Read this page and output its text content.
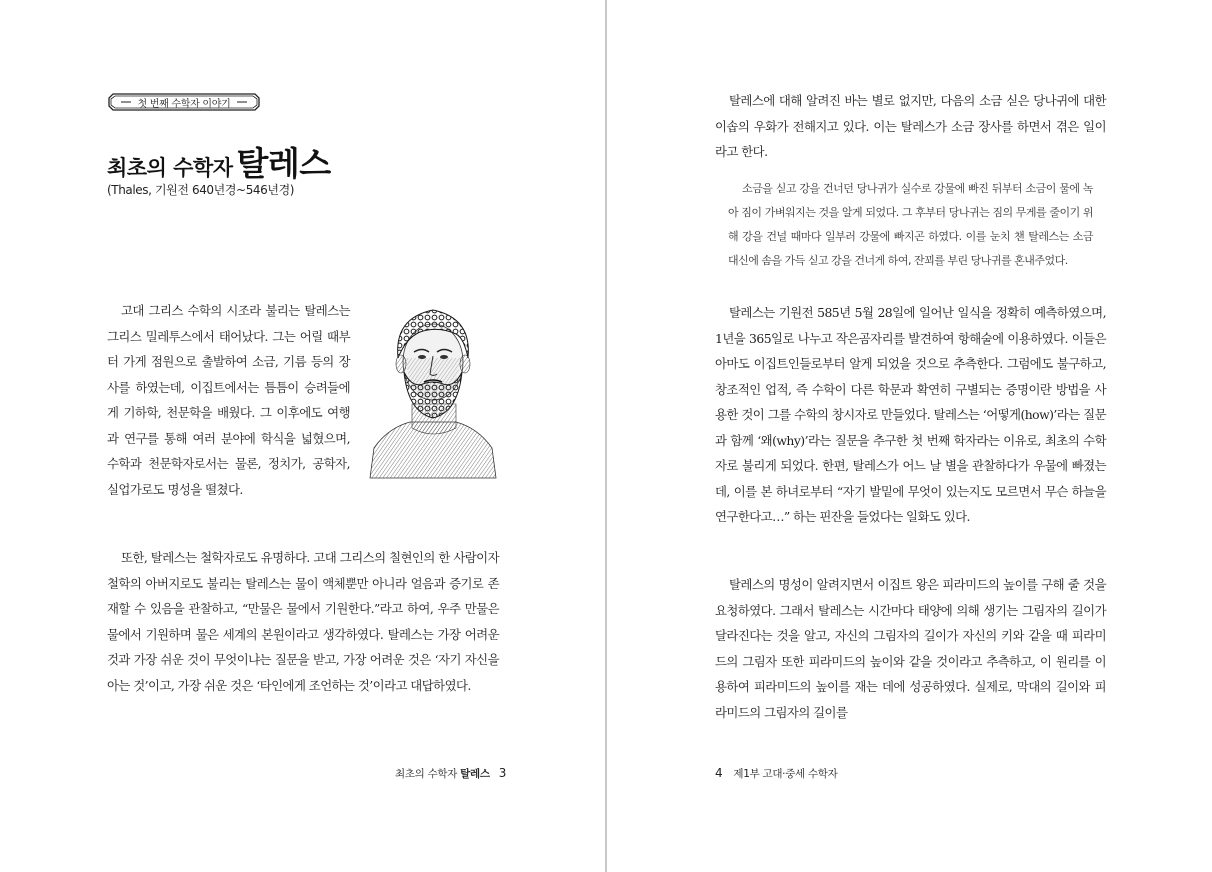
첫 번째 수학자 이야기
최초의 수학자 탈레스

(Thales, 기원전 640년경~546년경)

고대 그리스 수학의 시조라 불리는 탈레스는 그리스 밀레투스에서 태어났다. 그는 어릴 때부터 가게 점원으로 출발하여 소금, 기름 등의 장사를 하였는데, 이집트에서는 틈틈이 승려들에게 기하학, 천문학을 배웠다. 그 이후에도 여행과 연구를 통해 여러 분야에 학식을 넓혔으며, 수학과 천문학자로서는 물론, 정치가, 공학자, 실업가로도 명성을 떨쳤다.

또한, 탈레스는 철학자로도 유명하다. 고대 그리스의 칠현인의 한 사람이자 철학의 아버지로도 불리는 탈레스는 물이 액체뿐만 아니라 얼음과 증기로 존재할 수 있음을 관찰하고, “만물은 물에서 기원한다.”라고 하여, 우주 만물은 물에서 기원하며 물은 세계의 본원이라고 생각하였다. 탈레스는 가장 어려운 것과 가장 쉬운 것이 무엇이냐는 질문을 받고, 가장 어려운 것은 ‘자기 자신을 아는 것’이고, 가장 쉬운 것은 ‘타인에게 조언하는 것’이라고 대답하였다.

최초의 수학자 탈레스 3

탈레스에 대해 알려진 바는 별로 없지만, 다음의 소금 싣은 당나귀에 대한 이솝의 우화가 전해지고 있다. 이는 탈레스가 소금 장사를 하면서 겪은 일이라고 한다.

소금을 싣고 강을 건너던 당나귀가 실수로 강물에 빠진 뒤부터 소금이 물에 녹아 짐이 가벼워지는 것을 알게 되었다. 그 후부터 당나귀는 짐의 무게를 줄이기 위해 강을 건널 때마다 일부러 강물에 빠지곤 하였다. 이를 눈치 챈 탈레스는 소금 대신에 솜을 가득 싣고 강을 건너게 하여, 잔꾀를 부린 당나귀를 혼내주었다.

탈레스는 기원전 585년 5월 28일에 일어난 일식을 정확히 예측하였으며, 1년을 365일로 나누고 작은곰자리를 발견하여 항해술에 이용하였다. 이들은 아마도 이집트인들로부터 알게 되었을 것으로 추측한다. 그럼에도 불구하고, 창조적인 업적, 즉 수학이 다른 학문과 확연히 구별되는 증명이란 방법을 사용한 것이 그를 수학의 창시자로 만들었다. 탈레스는 ‘어떻게(how)’라는 질문과 함께 ‘왜(why)’라는 질문을 추구한 첫 번째 학자라는 이유로, 최초의 수학자로 불리게 되었다. 한편, 탈레스가 어느 날 별을 관찰하다가 우물에 빠졌는데, 이를 본 하녀로부터 “자기 발밑에 무엇이 있는지도 모르면서 무슨 하늘을 연구한다고…” 하는 핀잔을 들었다는 일화도 있다.

탈레스의 명성이 알려지면서 이집트 왕은 피라미드의 높이를 구해 줄 것을 요청하였다. 그래서 탈레스는 시간마다 태양에 의해 생기는 그림자의 길이가 달라진다는 것을 알고, 자신의 그림자의 길이가 자신의 키와 같을 때 피라미드의 그림자 또한 피라미드의 높이와 같을 것이라고 추측하고, 이 원리를 이용하여 피라미드의 높이를 재는 데에 성공하였다. 실제로, 막대의 길이와 피라미드의 그림자의 길이를

4 제1부 고대·중세 수학자
